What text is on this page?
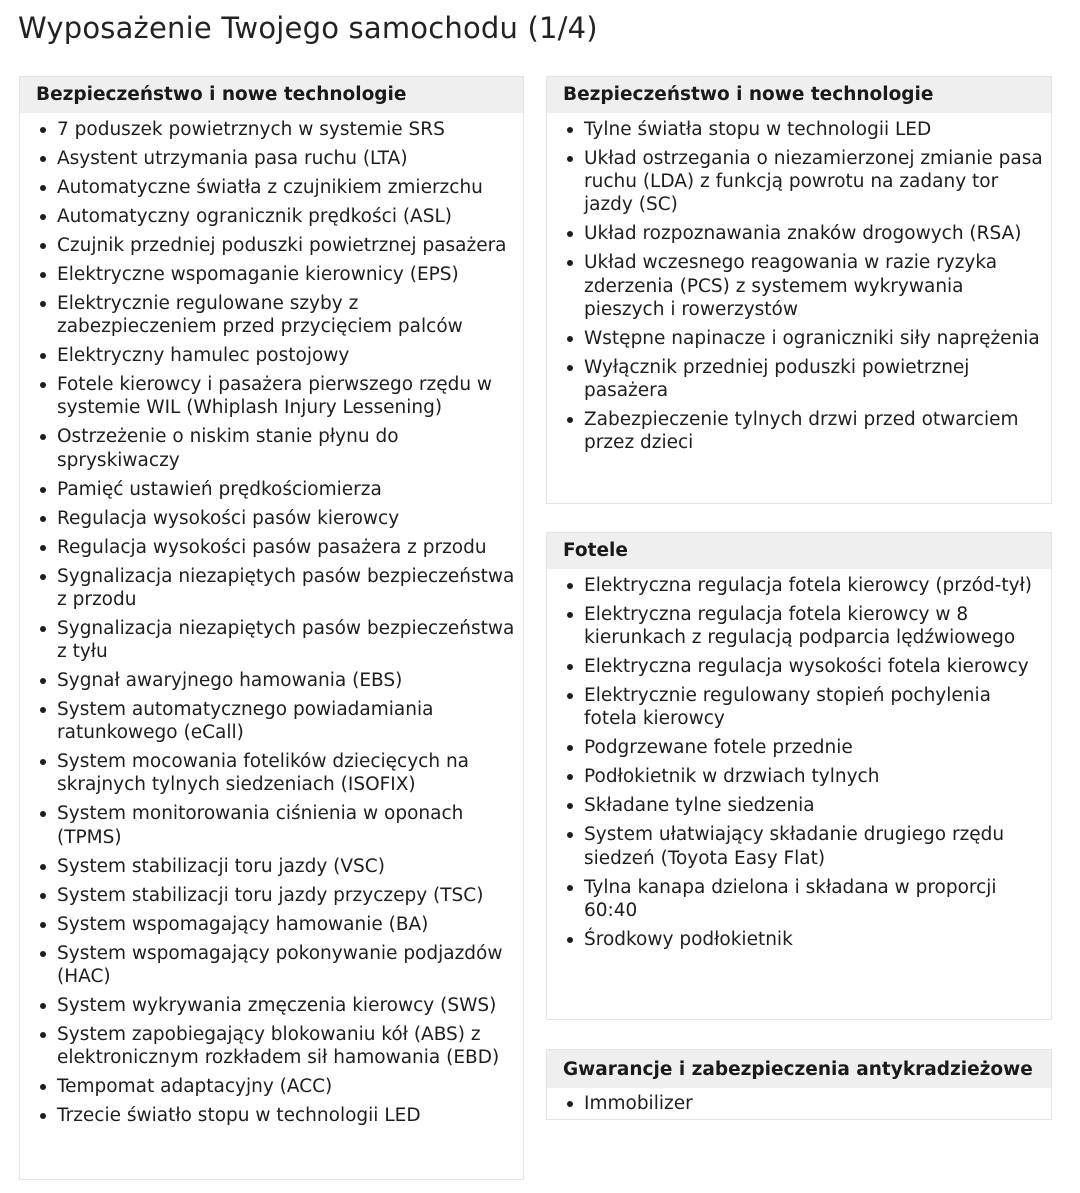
Wyposażenie Twojego samochodu (1/4)
Bezpieczeństwo i nowe technologie
7 poduszek powietrznych w systemie SRS
Asystent utrzymania pasa ruchu (LTA)
Automatyczne światła z czujnikiem zmierzchu
Automatyczny ogranicznik prędkości (ASL)
Czujnik przedniej poduszki powietrznej pasażera
Elektryczne wspomaganie kierownicy (EPS)
Elektrycznie regulowane szyby z zabezpieczeniem przed przycięciem palców
Elektryczny hamulec postojowy
Fotele kierowcy i pasażera pierwszego rzędu w systemie WIL (Whiplash Injury Lessening)
Ostrzeżenie o niskim stanie płynu do spryskiwaczy
Pamięć ustawień prędkościomierza
Regulacja wysokości pasów kierowcy
Regulacja wysokości pasów pasażera z przodu
Sygnalizacja niezapiętych pasów bezpieczeństwa z przodu
Sygnalizacja niezapiętych pasów bezpieczeństwa z tyłu
Sygnał awaryjnego hamowania (EBS)
System automatycznego powiadamiania ratunkowego (eCall)
System mocowania fotelików dziecięcych na skrajnych tylnych siedzeniach (ISOFIX)
System monitorowania ciśnienia w oponach (TPMS)
System stabilizacji toru jazdy (VSC)
System stabilizacji toru jazdy przyczepy (TSC)
System wspomagający hamowanie (BA)
System wspomagający pokonywanie podjazdów (HAC)
System wykrywania zmęczenia kierowcy (SWS)
System zapobiegający blokowaniu kół (ABS) z elektronicznym rozkładem sił hamowania (EBD)
Tempomat adaptacyjny (ACC)
Trzecie światło stopu w technologii LED
Bezpieczeństwo i nowe technologie
Tylne światła stopu w technologii LED
Układ ostrzegania o niezamierzonej zmianie pasa ruchu (LDA) z funkcją powrotu na zadany tor jazdy (SC)
Układ rozpoznawania znaków drogowych (RSA)
Układ wczesnego reagowania w razie ryzyka zderzenia (PCS) z systemem wykrywania pieszych i rowerzystów
Wstępne napinacze i ograniczniki siły naprężenia
Wyłącznik przedniej poduszki powietrznej pasażera
Zabezpieczenie tylnych drzwi przed otwarciem przez dzieci
Fotele
Elektryczna regulacja fotela kierowcy (przód-tył)
Elektryczna regulacja fotela kierowcy w 8 kierunkach z regulacją podparcia lędźwiowego
Elektryczna regulacja wysokości fotela kierowcy
Elektrycznie regulowany stopień pochylenia fotela kierowcy
Podgrzewane fotele przednie
Podłokietnik w drzwiach tylnych
Składane tylne siedzenia
System ułatwiający składanie drugiego rzędu siedzeń (Toyota Easy Flat)
Tylna kanapa dzielona i składana w proporcji 60:40
Środkowy podłokietnik
Gwarancje i zabezpieczenia antykradzieżowe
Immobilizer
